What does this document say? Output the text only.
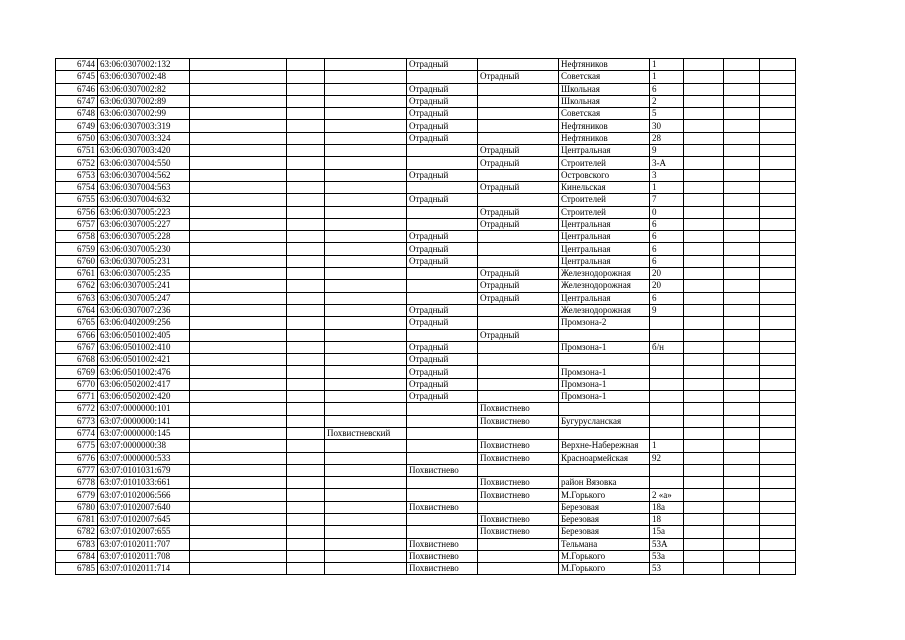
6744	63:06:0307002:132				Отрадный		Нефтяников	1			
6745	63:06:0307002:48					Отрадный	Советская	1			
6746	63:06:0307002:82				Отрадный		Школьная	6			
6747	63:06:0307002:89				Отрадный		Школьная	2			
6748	63:06:0307002:99				Отрадный		Советская	5			
6749	63:06:0307003:319				Отрадный		Нефтяников	30			
6750	63:06:0307003:324				Отрадный		Нефтяников	28			
6751	63:06:0307003:420					Отрадный	Центральная	9			
6752	63:06:0307004:550					Отрадный	Строителей	3-А			
6753	63:06:0307004:562				Отрадный		Островского	3			
6754	63:06:0307004:563					Отрадный	Кинельская	1			
6755	63:06:0307004:632				Отрадный		Строителей	7			
6756	63:06:0307005:223					Отрадный	Строителей	0			
6757	63:06:0307005:227					Отрадный	Центральная	6			
6758	63:06:0307005:228				Отрадный		Центральная	6			
6759	63:06:0307005:230				Отрадный		Центральная	6			
6760	63:06:0307005:231				Отрадный		Центральная	6			
6761	63:06:0307005:235					Отрадный	Железнодорожная	20			
6762	63:06:0307005:241					Отрадный	Железнодорожная	20			
6763	63:06:0307005:247					Отрадный	Центральная	6			
6764	63:06:0307007:236				Отрадный		Железнодорожная	9			
6765	63:06:0402009:256				Отрадный		Промзона-2				
6766	63:06:0501002:405					Отрадный					
6767	63:06:0501002:410				Отрадный		Промзона-1	б/н			
6768	63:06:0501002:421				Отрадный						
6769	63:06:0501002:476				Отрадный		Промзона-1				
6770	63:06:0502002:417				Отрадный		Промзона-1				
6771	63:06:0502002:420				Отрадный		Промзона-1				
6772	63:07:0000000:101					Похвистнево					
6773	63:07:0000000:141					Похвистнево	Бугурусланская				
6774	63:07:0000000:145			Похвистневский							
6775	63:07:0000000:38					Похвистнево	Верхне-Набережная	1			
6776	63:07:0000000:533					Похвистнево	Красноармейская	92			
6777	63:07:0101031:679				Похвистнево						
6778	63:07:0101033:661					Похвистнево	район Вязовка				
6779	63:07:0102006:566					Похвистнево	М.Горького	2 «а»			
6780	63:07:0102007:640				Похвистнево		Березовая	18а			
6781	63:07:0102007:645					Похвистнево	Березовая	18			
6782	63:07:0102007:655					Похвистнево	Березовая	15а			
6783	63:07:0102011:707				Похвистнево		Тельмана	53А			
6784	63:07:0102011:708				Похвистнево		М.Горького	53а			
6785	63:07:0102011:714				Похвистнево		М.Горького	53			
